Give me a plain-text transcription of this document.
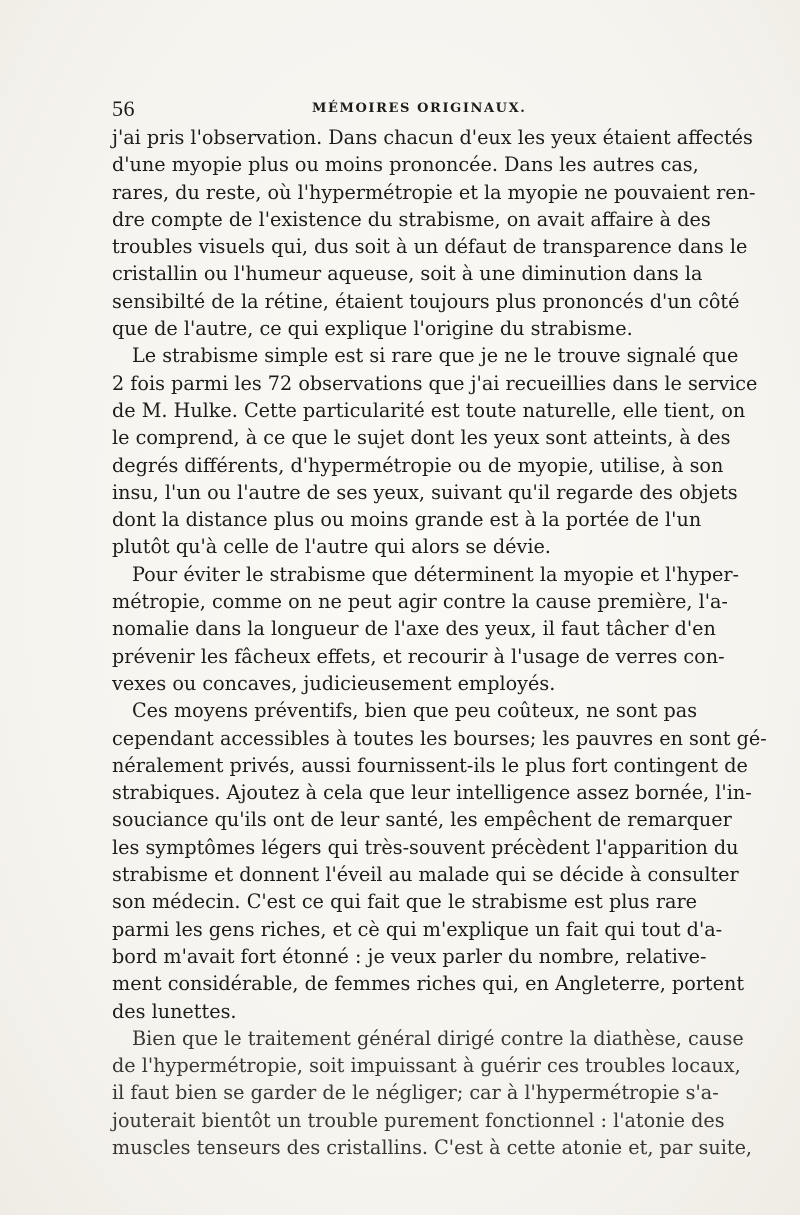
56	MÉMOIRES ORIGINAUX.
j'ai pris l'observation. Dans chacun d'eux les yeux étaient affectés
d'une myopie plus ou moins prononcée. Dans les autres cas,
rares, du reste, où l'hypermétropie et la myopie ne pouvaient ren-
dre compte de l'existence du strabisme, on avait affaire à des
troubles visuels qui, dus soit à un défaut de transparence dans le
cristallin ou l'humeur aqueuse, soit à une diminution dans la
sensibilté de la rétine, étaient toujours plus prononcés d'un côté
que de l'autre, ce qui explique l'origine du strabisme.
Le strabisme simple est si rare que je ne le trouve signalé que
2 fois parmi les 72 observations que j'ai recueillies dans le service
de M. Hulke. Cette particularité est toute naturelle, elle tient, on
le comprend, à ce que le sujet dont les yeux sont atteints, à des
degrés différents, d'hypermétropie ou de myopie, utilise, à son
insu, l'un ou l'autre de ses yeux, suivant qu'il regarde des objets
dont la distance plus ou moins grande est à la portée de l'un
plutôt qu'à celle de l'autre qui alors se dévie.
Pour éviter le strabisme que déterminent la myopie et l'hyper-
métropie, comme on ne peut agir contre la cause première, l'a-
nomalie dans la longueur de l'axe des yeux, il faut tâcher d'en
prévenir les fâcheux effets, et recourir à l'usage de verres con-
vexes ou concaves, judicieusement employés.
Ces moyens préventifs, bien que peu coûteux, ne sont pas
cependant accessibles à toutes les bourses; les pauvres en sont gé-
néralement privés, aussi fournissent-ils le plus fort contingent de
strabiques. Ajoutez à cela que leur intelligence assez bornée, l'in-
souciance qu'ils ont de leur santé, les empêchent de remarquer
les symptômes légers qui très-souvent précèdent l'apparition du
strabisme et donnent l'éveil au malade qui se décide à consulter
son médecin. C'est ce qui fait que le strabisme est plus rare
parmi les gens riches, et cè qui m'explique un fait qui tout d'a-
bord m'avait fort étonné : je veux parler du nombre, relative-
ment considérable, de femmes riches qui, en Angleterre, portent
des lunettes.
Bien que le traitement général dirigé contre la diathèse, cause
de l'hypermétropie, soit impuissant à guérir ces troubles locaux,
il faut bien se garder de le négliger; car à l'hypermétropie s'a-
jouterait bientôt un trouble purement fonctionnel : l'atonie des
muscles tenseurs des cristallins. C'est à cette atonie et, par suite,
